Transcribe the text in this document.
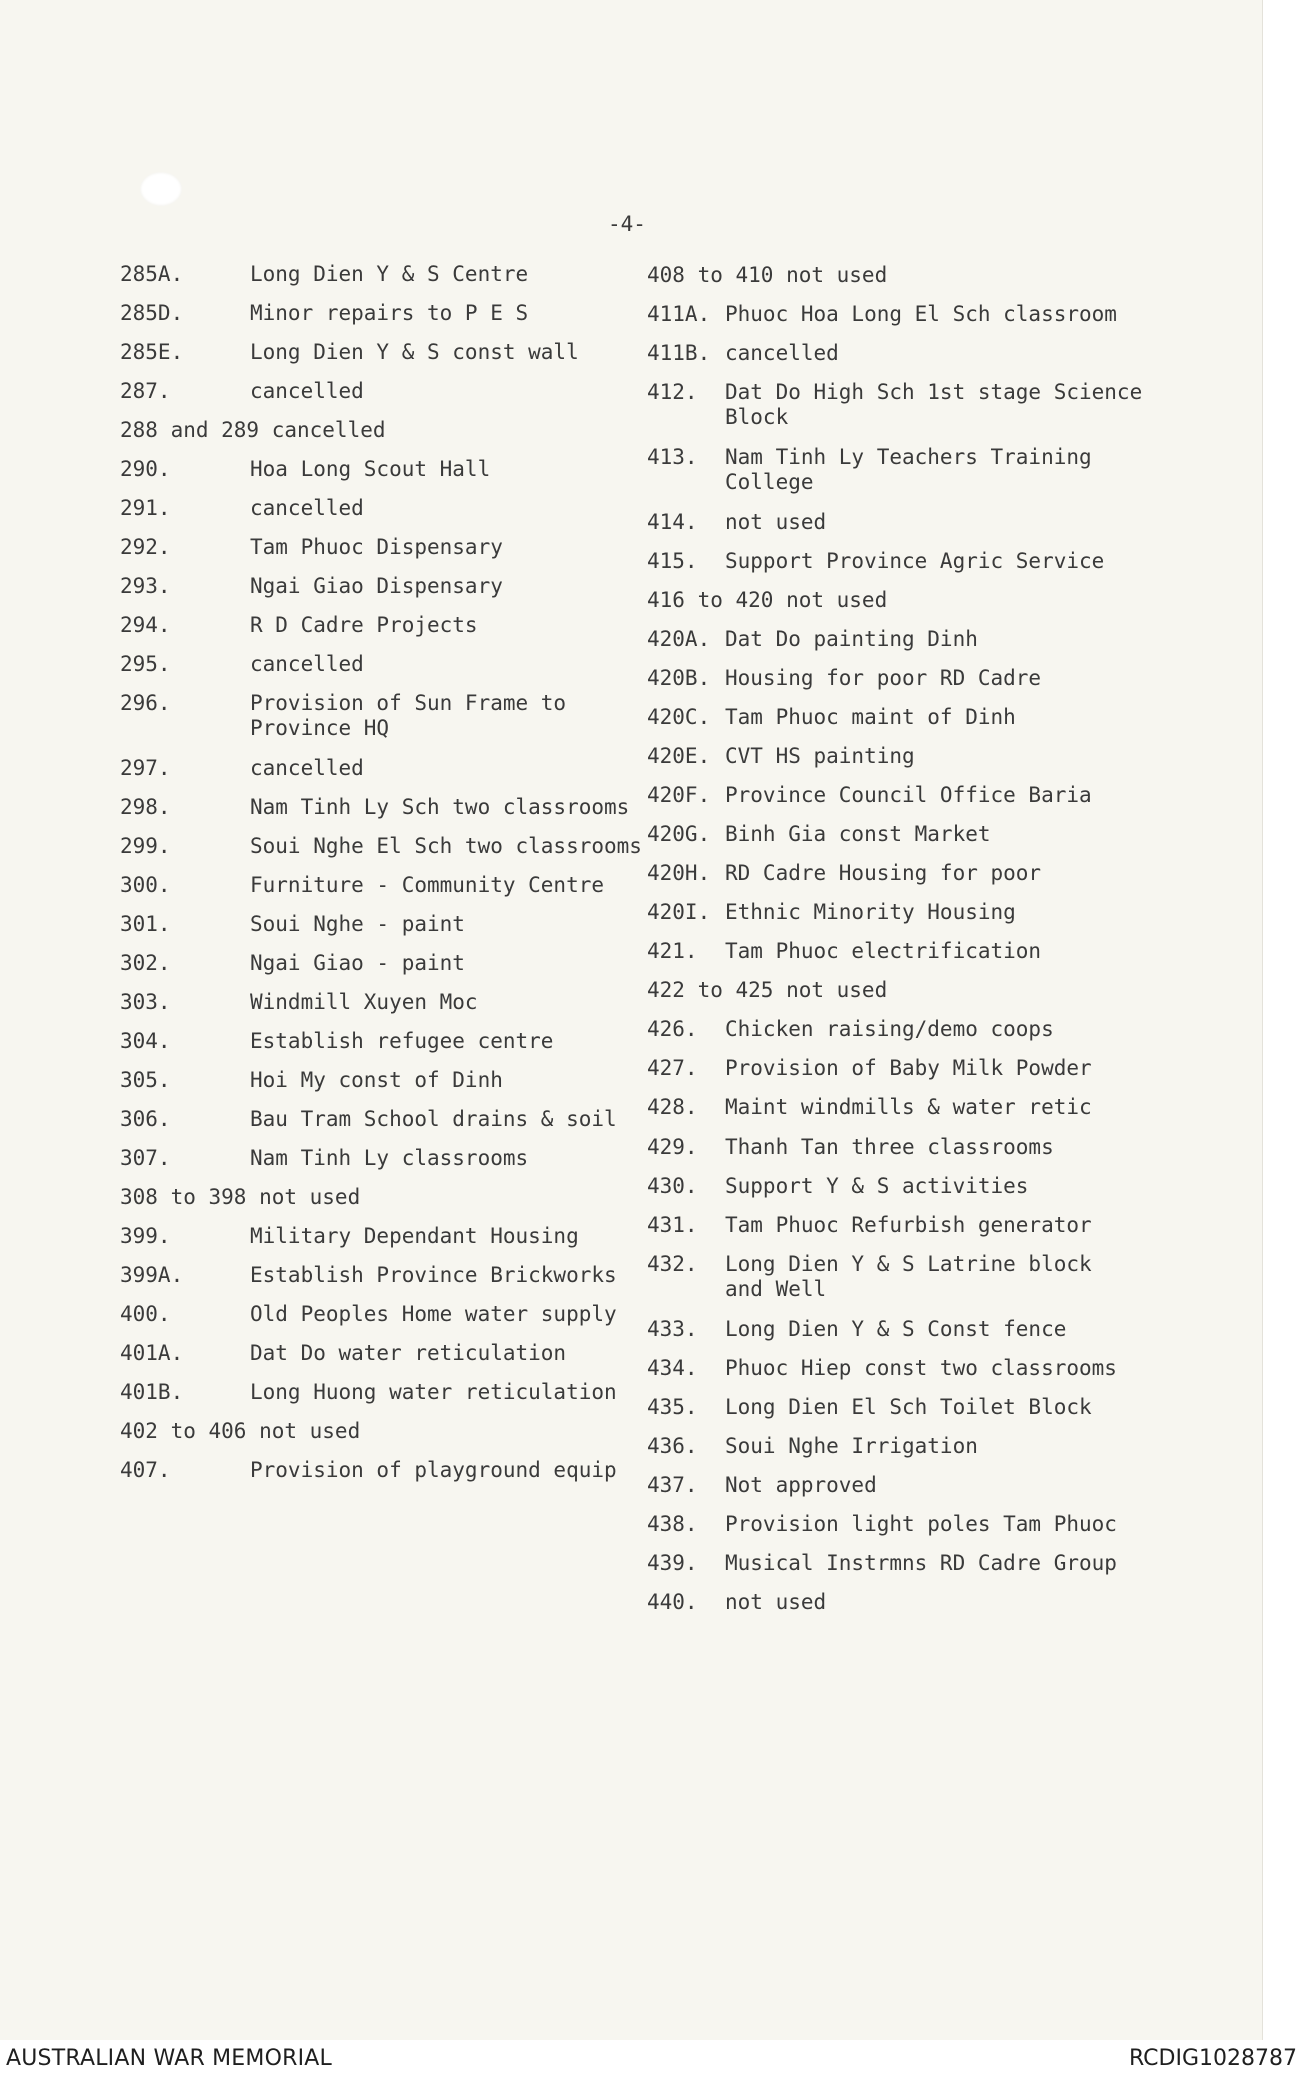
-4-
285A.	Long Dien Y & S Centre
285D.	Minor repairs to P E S
285E.	Long Dien Y & S const wall
287.	cancelled
288 and 289 cancelled
290.	Hoa Long Scout Hall
291.	cancelled
292.	Tam Phuoc Dispensary
293.	Ngai Giao Dispensary
294.	R D Cadre Projects
295.	cancelled
296.	Provision of Sun Frame to
Province HQ
297.	cancelled
298.	Nam Tinh Ly Sch two classrooms
299.	Soui Nghe El Sch two classrooms
300.	Furniture - Community Centre
301.	Soui Nghe - paint
302.	Ngai Giao - paint
303.	Windmill Xuyen Moc
304.	Establish refugee centre
305.	Hoi My const of Dinh
306.	Bau Tram School drains & soil
307.	Nam Tinh Ly classrooms
308 to 398 not used
399.	Military Dependant Housing
399A.	Establish Province Brickworks
400.	Old Peoples Home water supply
401A.	Dat Do water reticulation
401B.	Long Huong water reticulation
402 to 406 not used
407.	Provision of playground equip
408 to 410 not used
411A. Phuoc Hoa Long El Sch classroom
411B. cancelled
412.	Dat Do High Sch 1st stage Science
Block
413.	Nam Tinh Ly Teachers Training
College
414.	not used
415.	Support Province Agric Service
416 to 420 not used
420A. Dat Do painting Dinh
420B. Housing for poor RD Cadre
420C. Tam Phuoc maint of Dinh
420E. CVT HS painting
420F. Province Council Office Baria
420G. Binh Gia const Market
420H. RD Cadre Housing for poor
420I. Ethnic Minority Housing
421.	Tam Phuoc electrification
422 to 425 not used
426.	Chicken raising/demo coops
427.	Provision of Baby Milk Powder
428.	Maint windmills & water retic
429.	Thanh Tan three classrooms
430.	Support Y & S activities
431.	Tam Phuoc Refurbish generator
432.	Long Dien Y & S Latrine block
and Well
433.	Long Dien Y & S Const fence
434.	Phuoc Hiep const two classrooms
435.	Long Dien El Sch Toilet Block
436.	Soui Nghe Irrigation
437.	Not approved
438.	Provision light poles Tam Phuoc
439.	Musical Instrmns RD Cadre Group
440.	not used
AUSTRALIAN WAR MEMORIAL	RCDIG1028787
